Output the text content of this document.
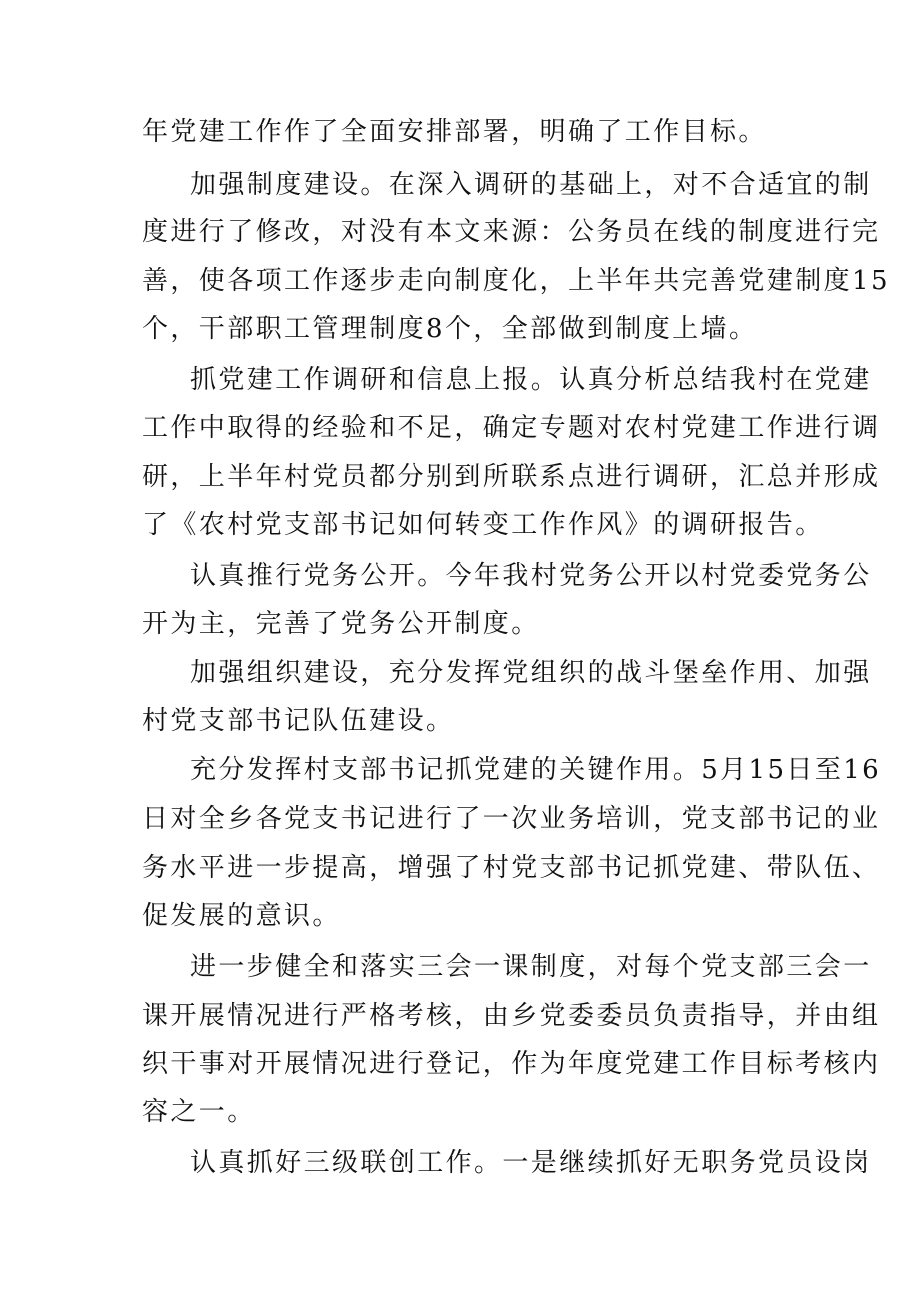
年党建工作作了全面安排部署，明确了工作目标。
加强制度建设。在深入调研的基础上，对不合适宜的制
度进行了修改，对没有本文来源：公务员在线的制度进行完
善，使各项工作逐步走向制度化，上半年共完善党建制度15
个，干部职工管理制度8个，全部做到制度上墙。
抓党建工作调研和信息上报。认真分析总结我村在党建
工作中取得的经验和不足，确定专题对农村党建工作进行调
研，上半年村党员都分别到所联系点进行调研，汇总并形成
了《农村党支部书记如何转变工作作风》的调研报告。
认真推行党务公开。今年我村党务公开以村党委党务公
开为主，完善了党务公开制度。
加强组织建设，充分发挥党组织的战斗堡垒作用、加强
村党支部书记队伍建设。
充分发挥村支部书记抓党建的关键作用。5月15日至16
日对全乡各党支书记进行了一次业务培训，党支部书记的业
务水平进一步提高，增强了村党支部书记抓党建、带队伍、
促发展的意识。
进一步健全和落实三会一课制度，对每个党支部三会一
课开展情况进行严格考核，由乡党委委员负责指导，并由组
织干事对开展情况进行登记，作为年度党建工作目标考核内
容之一。
认真抓好三级联创工作。一是继续抓好无职务党员设岗
